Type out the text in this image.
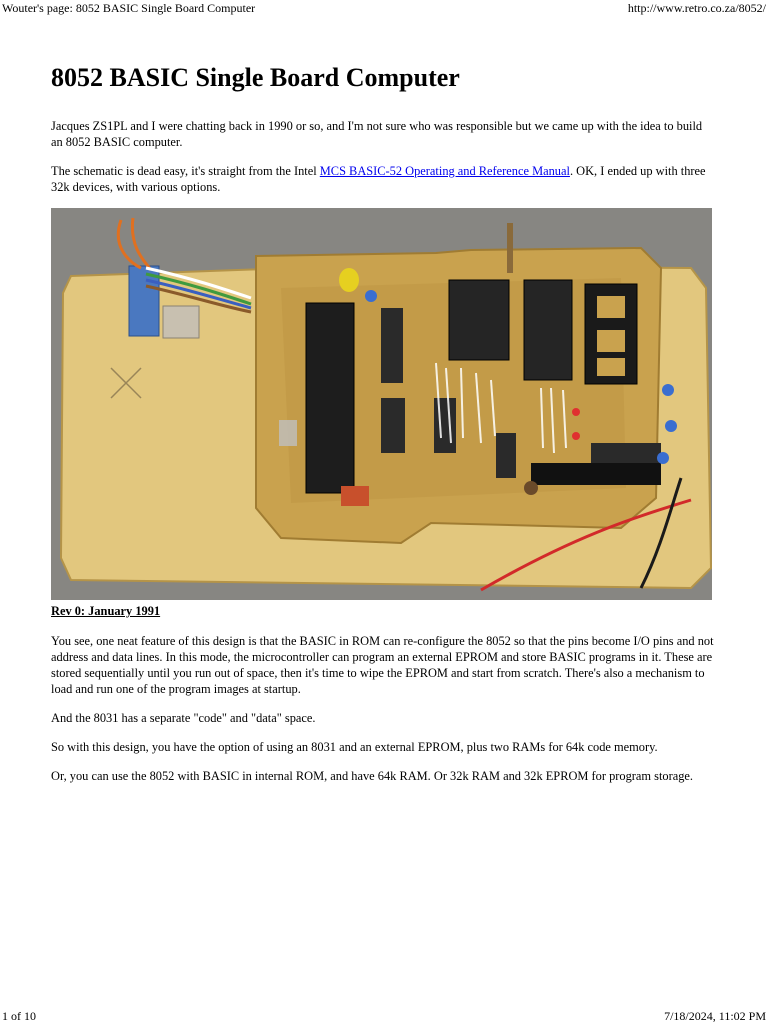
Wouter's page: 8052 BASIC Single Board Computer	http://www.retro.co.za/8052/
8052 BASIC Single Board Computer

Jacques ZS1PL and I were chatting back in 1990 or so, and I'm not sure who was responsible but we came up with the idea to build an 8052 BASIC computer.

The schematic is dead easy, it's straight from the Intel MCS BASIC-52 Operating and Reference Manual. OK, I ended up with three 32k devices, with various options.

Rev 0: January 1991

You see, one neat feature of this design is that the BASIC in ROM can re-configure the 8052 so that the pins become I/O pins and not address and data lines. In this mode, the microcontroller can program an external EPROM and store BASIC programs in it. These are stored sequentially until you run out of space, then it's time to wipe the EPROM and start from scratch. There's also a mechanism to load and run one of the program images at startup.

And the 8031 has a separate "code" and "data" space.

So with this design, you have the option of using an 8031 and an external EPROM, plus two RAMs for 64k code memory.

Or, you can use the 8052 with BASIC in internal ROM, and have 64k RAM. Or 32k RAM and 32k EPROM for program storage.

1 of 10	7/18/2024, 11:02 PM
